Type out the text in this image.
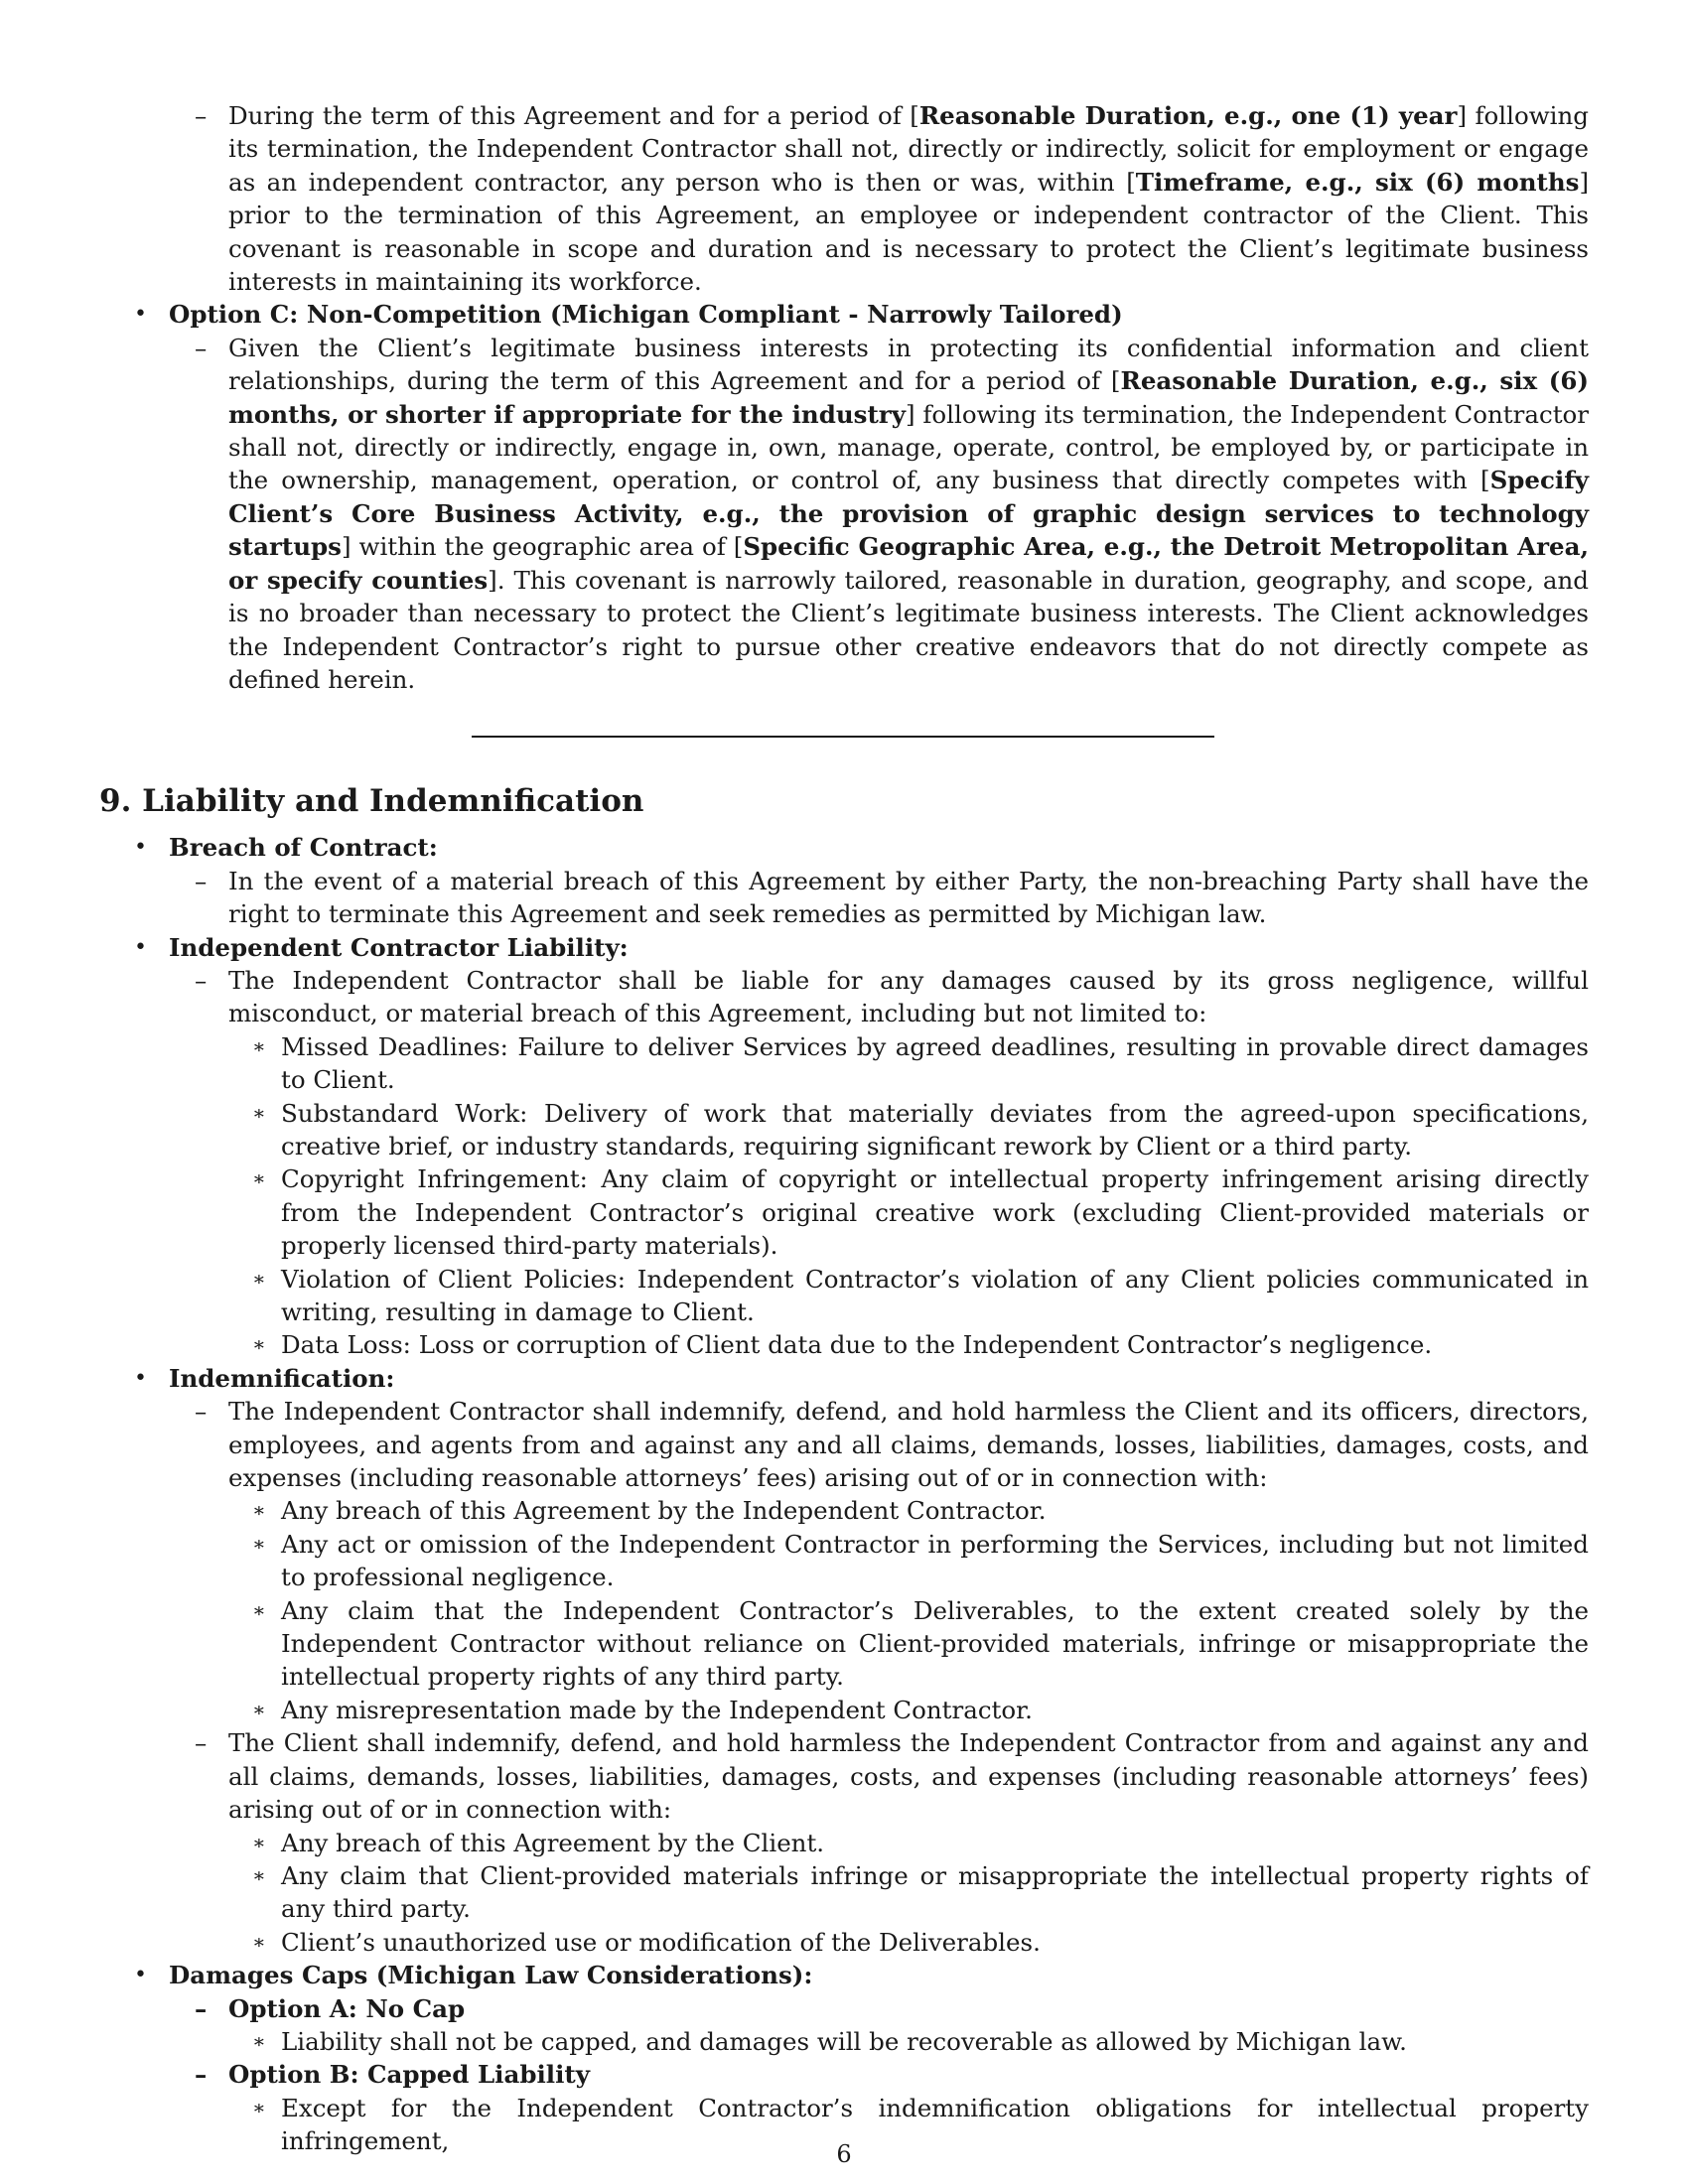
– During the term of this Agreement and for a period of [Reasonable Duration, e.g., one (1) year] following its termination, the Independent Contractor shall not, directly or indirectly, solicit for employment or engage as an independent contractor, any person who is then or was, within [Timeframe, e.g., six (6) months] prior to the termination of this Agreement, an employee or independent contractor of the Client. This covenant is reasonable in scope and duration and is necessary to protect the Client’s legitimate business interests in maintaining its workforce.
• Option C: Non-Competition (Michigan Compliant - Narrowly Tailored)
– Given the Client’s legitimate business interests in protecting its confidential information and client relationships, during the term of this Agreement and for a period of [Reasonable Duration, e.g., six (6) months, or shorter if appropriate for the industry] following its termination, the Independent Contractor shall not, directly or indirectly, engage in, own, manage, operate, control, be employed by, or participate in the ownership, management, operation, or control of, any business that directly competes with [Specify Client’s Core Business Activity, e.g., the provision of graphic design services to technology startups] within the geographic area of [Specific Geographic Area, e.g., the Detroit Metropolitan Area, or specify counties]. This covenant is narrowly tailored, reasonable in duration, geography, and scope, and is no broader than necessary to protect the Client’s legitimate business interests. The Client acknowledges the Independent Contractor’s right to pursue other creative endeavors that do not directly compete as defined herein.
9. Liability and Indemnification
• Breach of Contract:
– In the event of a material breach of this Agreement by either Party, the non-breaching Party shall have the right to terminate this Agreement and seek remedies as permitted by Michigan law.
• Independent Contractor Liability:
– The Independent Contractor shall be liable for any damages caused by its gross negligence, willful misconduct, or material breach of this Agreement, including but not limited to:
∗ Missed Deadlines: Failure to deliver Services by agreed deadlines, resulting in provable direct damages to Client.
∗ Substandard Work: Delivery of work that materially deviates from the agreed-upon specifications, creative brief, or industry standards, requiring significant rework by Client or a third party.
∗ Copyright Infringement: Any claim of copyright or intellectual property infringement arising directly from the Independent Contractor’s original creative work (excluding Client-provided materials or properly licensed third-party materials).
∗ Violation of Client Policies: Independent Contractor’s violation of any Client policies communicated in writing, resulting in damage to Client.
∗ Data Loss: Loss or corruption of Client data due to the Independent Contractor’s negligence.
• Indemnification:
– The Independent Contractor shall indemnify, defend, and hold harmless the Client and its officers, directors, employees, and agents from and against any and all claims, demands, losses, liabilities, damages, costs, and expenses (including reasonable attorneys’ fees) arising out of or in connection with:
∗ Any breach of this Agreement by the Independent Contractor.
∗ Any act or omission of the Independent Contractor in performing the Services, including but not limited to professional negligence.
∗ Any claim that the Independent Contractor’s Deliverables, to the extent created solely by the Independent Contractor without reliance on Client-provided materials, infringe or misappropriate the intellectual property rights of any third party.
∗ Any misrepresentation made by the Independent Contractor.
– The Client shall indemnify, defend, and hold harmless the Independent Contractor from and against any and all claims, demands, losses, liabilities, damages, costs, and expenses (including reasonable attorneys’ fees) arising out of or in connection with:
∗ Any breach of this Agreement by the Client.
∗ Any claim that Client-provided materials infringe or misappropriate the intellectual property rights of any third party.
∗ Client’s unauthorized use or modification of the Deliverables.
• Damages Caps (Michigan Law Considerations):
– Option A: No Cap
∗ Liability shall not be capped, and damages will be recoverable as allowed by Michigan law.
– Option B: Capped Liability
∗ Except for the Independent Contractor’s indemnification obligations for intellectual property infringement,	6
